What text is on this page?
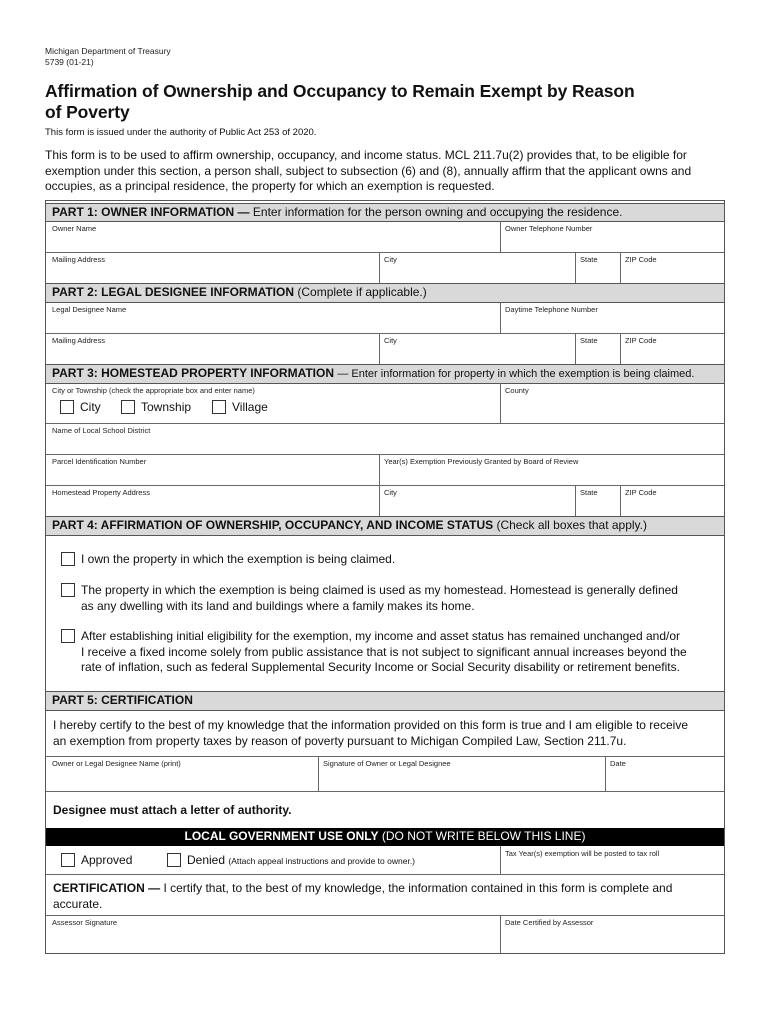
Michigan Department of Treasury
5739 (01-21)
Affirmation of Ownership and Occupancy to Remain Exempt by Reason
of Poverty
This form is issued under the authority of Public Act 253 of 2020.
This form is to be used to affirm ownership, occupancy, and income status. MCL 211.7u(2) provides that, to be eligible for
exemption under this section, a person shall, subject to subsection (6) and (8), annually affirm that the applicant owns and
occupies, as a principal residence, the property for which an exemption is requested.
PART 1: OWNER INFORMATION — Enter information for the person owning and occupying the residence.
Owner Name	Owner Telephone Number
Mailing Address	City	State	ZIP Code
PART 2: LEGAL DESIGNEE INFORMATION (Complete if applicable.)
Legal Designee Name	Daytime Telephone Number
Mailing Address	City	State	ZIP Code
PART 3: HOMESTEAD PROPERTY INFORMATION — Enter information for property in which the exemption is being claimed.
City or Township (check the appropriate box and enter name)	County
City	Township	Village
Name of Local School District
Parcel Identification Number	Year(s) Exemption Previously Granted by Board of Review
Homestead Property Address	City	State	ZIP Code
PART 4: AFFIRMATION OF OWNERSHIP, OCCUPANCY, AND INCOME STATUS (Check all boxes that apply.)
I own the property in which the exemption is being claimed.
The property in which the exemption is being claimed is used as my homestead. Homestead is generally defined
as any dwelling with its land and buildings where a family makes its home.
After establishing initial eligibility for the exemption, my income and asset status has remained unchanged and/or
I receive a fixed income solely from public assistance that is not subject to significant annual increases beyond the
rate of inflation, such as federal Supplemental Security Income or Social Security disability or retirement benefits.
PART 5: CERTIFICATION
I hereby certify to the best of my knowledge that the information provided on this form is true and I am eligible to receive
an exemption from property taxes by reason of poverty pursuant to Michigan Compiled Law, Section 211.7u.
Owner or Legal Designee Name (print)	Signature of Owner or Legal Designee	Date
Designee must attach a letter of authority.
LOCAL GOVERNMENT USE ONLY (DO NOT WRITE BELOW THIS LINE)
Approved	Denied (Attach appeal instructions and provide to owner.)
Tax Year(s) exemption will be posted to tax roll
CERTIFICATION — I certify that, to the best of my knowledge, the information contained in this form is complete and
accurate.
Assessor Signature	Date Certified by Assessor
